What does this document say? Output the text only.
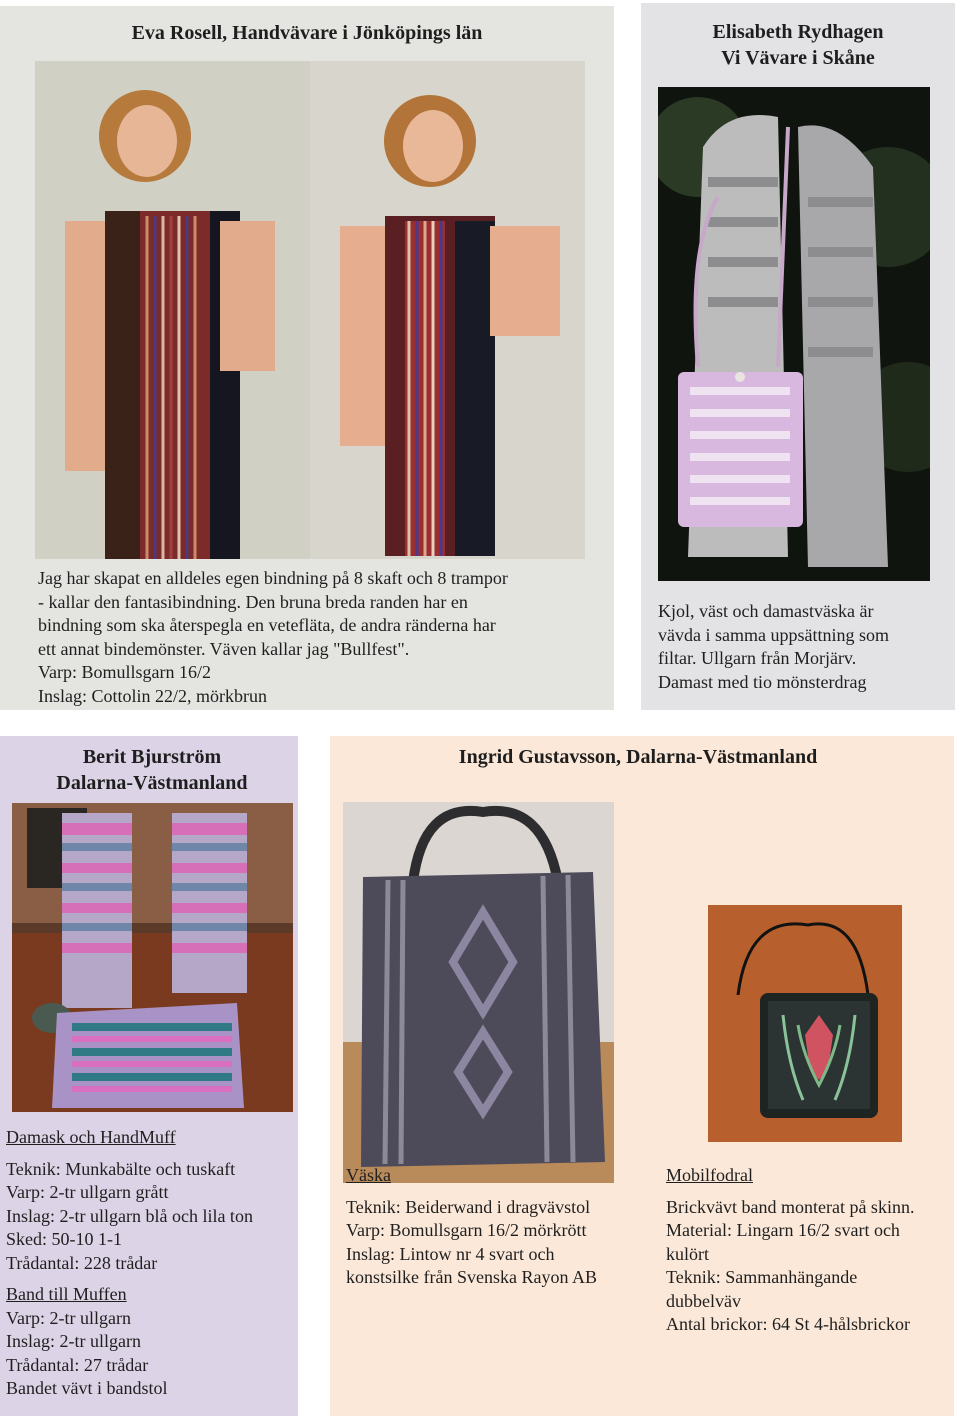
Eva Rosell, Handvävare i Jönköpings län
Jag har skapat en alldeles egen bindning på 8 skaft och 8 trampor
- kallar den fantasibindning. Den bruna breda randen har en
bindning som ska återspegla en veteflätа, de andra ränderna har
ett annat bindemönster. Väven kallar jag "Bullfest".
Varp: Bomullsgarn 16/2
Inslag: Cottolin 22/2, mörkbrun
Elisabeth Rydhagen
Vi Vävare i Skåne
Kjol, väst och damastväska är
vävda i samma uppsättning som
filtar. Ullgarn från Morjärv.
Damast med tio mönsterdrag
Berit Bjurström
Dalarna-Västmanland
Damask och HandMuff
Teknik: Munkabälte och tuskaft
Varp: 2-tr ullgarn grått
Inslag: 2-tr ullgarn blå och lila ton
Sked: 50-10 1-1
Trådantal: 228 trådar
Band till Muffen
Varp: 2-tr ullgarn
Inslag: 2-tr ullgarn
Trådantal: 27 trådar
Bandet vävt i bandstol
Ingrid Gustavsson, Dalarna-Västmanland
Väska
Teknik: Beiderwand i dragvävstol
Varp: Bomullsgarn 16/2 mörkrött
Inslag: Lintow nr 4 svart och
konstsilke från Svenska Rayon AB
Mobilfodral
Brickvävt band monterat på skinn.
Material: Lingarn 16/2 svart och
kulört
Teknik: Sammanhängande
dubbelväv
Antal brickor: 64 St 4-hålsbrickor
